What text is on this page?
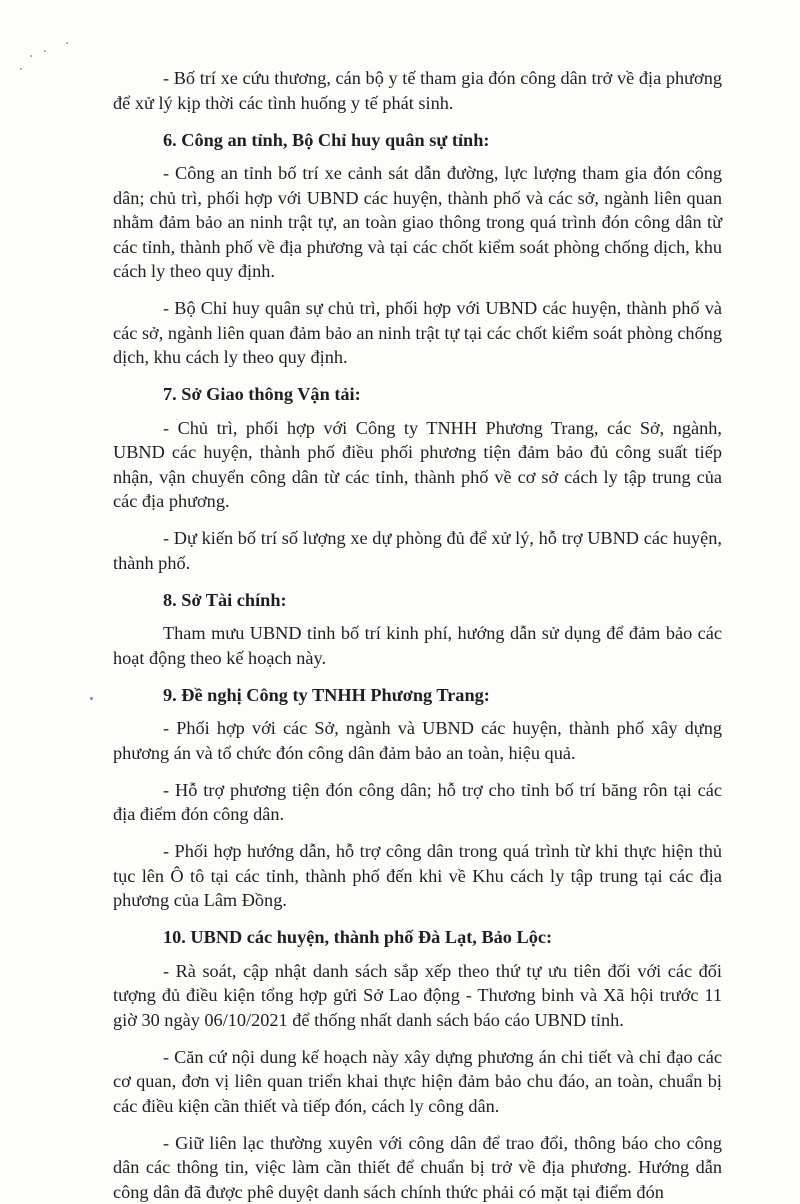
- Bố trí xe cứu thương, cán bộ y tế tham gia đón công dân trở về địa phương để xử lý kịp thời các tình huống y tế phát sinh.

6. Công an tỉnh, Bộ Chỉ huy quân sự tỉnh:

- Công an tỉnh bố trí xe cảnh sát dẫn đường, lực lượng tham gia đón công dân; chủ trì, phối hợp với UBND các huyện, thành phố và các sở, ngành liên quan nhằm đảm bảo an ninh trật tự, an toàn giao thông trong quá trình đón công dân từ các tỉnh, thành phố về địa phương và tại các chốt kiểm soát phòng chống dịch, khu cách ly theo quy định.

- Bộ Chỉ huy quân sự chủ trì, phối hợp với UBND các huyện, thành phố và các sở, ngành liên quan đảm bảo an ninh trật tự tại các chốt kiểm soát phòng chống dịch, khu cách ly theo quy định.

7. Sở Giao thông Vận tải:

- Chủ trì, phối hợp với Công ty TNHH Phương Trang, các Sở, ngành, UBND các huyện, thành phố điều phối phương tiện đảm bảo đủ công suất tiếp nhận, vận chuyển công dân từ các tỉnh, thành phố về cơ sở cách ly tập trung của các địa phương.

- Dự kiến bố trí số lượng xe dự phòng đủ để xử lý, hỗ trợ UBND các huyện, thành phố.

8. Sở Tài chính:

Tham mưu UBND tỉnh bố trí kinh phí, hướng dẫn sử dụng để đảm bảo các hoạt động theo kế hoạch này.

9. Đề nghị Công ty TNHH Phương Trang:

- Phối hợp với các Sở, ngành và UBND các huyện, thành phố xây dựng phương án và tổ chức đón công dân đảm bảo an toàn, hiệu quả.

- Hỗ trợ phương tiện đón công dân; hỗ trợ cho tỉnh bố trí băng rôn tại các địa điểm đón công dân.

- Phối hợp hướng dẫn, hỗ trợ công dân trong quá trình từ khi thực hiện thủ tục lên Ô tô tại các tỉnh, thành phố đến khi về Khu cách ly tập trung tại các địa phương của Lâm Đồng.

10. UBND các huyện, thành phố Đà Lạt, Bảo Lộc:

- Rà soát, cập nhật danh sách sắp xếp theo thứ tự ưu tiên đối với các đối tượng đủ điều kiện tổng hợp gửi Sở Lao động - Thương binh và Xã hội trước 11 giờ 30 ngày 06/10/2021 để thống nhất danh sách báo cáo UBND tỉnh.

- Căn cứ nội dung kế hoạch này xây dựng phương án chi tiết và chỉ đạo các cơ quan, đơn vị liên quan triển khai thực hiện đảm bảo chu đáo, an toàn, chuẩn bị các điều kiện cần thiết và tiếp đón, cách ly công dân.

- Giữ liên lạc thường xuyên với công dân để trao đổi, thông báo cho công dân các thông tin, việc làm cần thiết để chuẩn bị trở về địa phương. Hướng dẫn công dân đã được phê duyệt danh sách chính thức phải có mặt tại điểm đón
